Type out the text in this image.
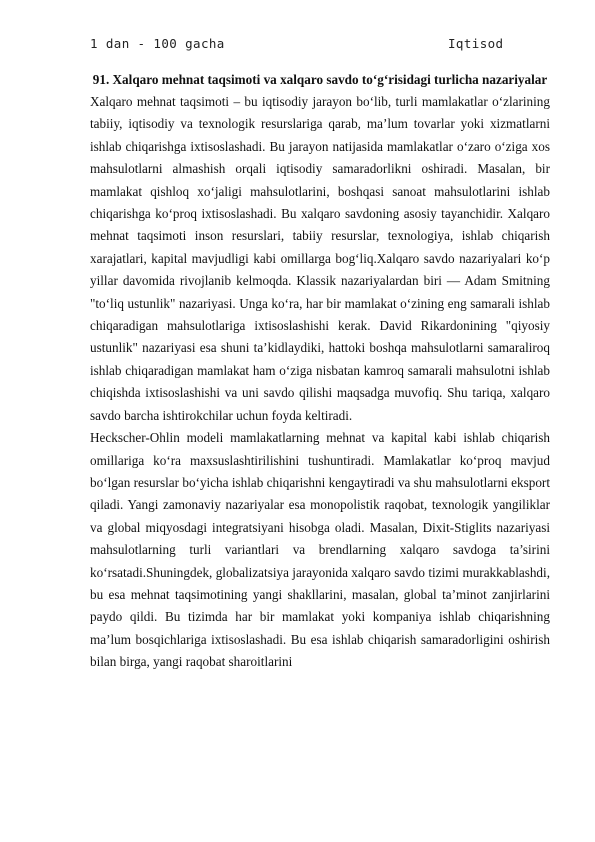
1 dan - 100 gacha	Iqtisod

91. Xalqaro mehnat taqsimoti va xalqaro savdo to‘g‘risidagi turlicha nazariyalar

Xalqaro mehnat taqsimoti – bu iqtisodiy jarayon bo‘lib, turli mamlakatlar o‘zlarining tabiiy, iqtisodiy va texnologik resurslariga qarab, ma’lum tovarlar yoki xizmatlarni ishlab chiqarishga ixtisoslashadi. Bu jarayon natijasida mamlakatlar o‘zaro o‘ziga xos mahsulotlarni almashish orqali iqtisodiy samaradorlikni oshiradi. Masalan, bir mamlakat qishloq xo‘jaligi mahsulotlarini, boshqasi sanoat mahsulotlarini ishlab chiqarishga ko‘proq ixtisoslashadi. Bu xalqaro savdoning asosiy tayanchidir. Xalqaro mehnat taqsimoti inson resurslari, tabiiy resurslar, texnologiya, ishlab chiqarish xarajatlari, kapital mavjudligi kabi omillarga bog‘liq.Xalqaro savdo nazariyalari ko‘p yillar davomida rivojlanib kelmoqda. Klassik nazariyalardan biri — Adam Smitning "to‘liq ustunlik" nazariyasi. Unga ko‘ra, har bir mamlakat o‘zining eng samarali ishlab chiqaradigan mahsulotlariga ixtisoslashishi kerak. David Rikardonining "qiyosiy ustunlik" nazariyasi esa shuni ta’kidlaydiki, hattoki boshqa mahsulotlarni samaraliroq ishlab chiqaradigan mamlakat ham o‘ziga nisbatan kamroq samarali mahsulotni ishlab chiqishda ixtisoslashishi va uni savdo qilishi maqsadga muvofiq. Shu tariqa, xalqaro savdo barcha ishtirokchilar uchun foyda keltiradi.

Heckscher-Ohlin modeli mamlakatlarning mehnat va kapital kabi ishlab chiqarish omillariga ko‘ra maxsuslashtirilishini tushuntiradi. Mamlakatlar ko‘proq mavjud bo‘lgan resurslar bo‘yicha ishlab chiqarishni kengaytiradi va shu mahsulotlarni eksport qiladi. Yangi zamonaviy nazariyalar esa monopolistik raqobat, texnologik yangiliklar va global miqyosdagi integratsiyani hisobga oladi. Masalan, Dixit-Stiglits nazariyasi mahsulotlarning turli variantlari va brendlarning xalqaro savdoga ta’sirini ko‘rsatadi.Shuningdek, globalizatsiya jarayonida xalqaro savdo tizimi murakkablashdi, bu esa mehnat taqsimotining yangi shakllarini, masalan, global ta’minot zanjirlarini paydo qildi. Bu tizimda har bir mamlakat yoki kompaniya ishlab chiqarishning ma’lum bosqichlariga ixtisoslashadi. Bu esa ishlab chiqarish samaradorligini oshirish bilan birga, yangi raqobat sharoitlarini
